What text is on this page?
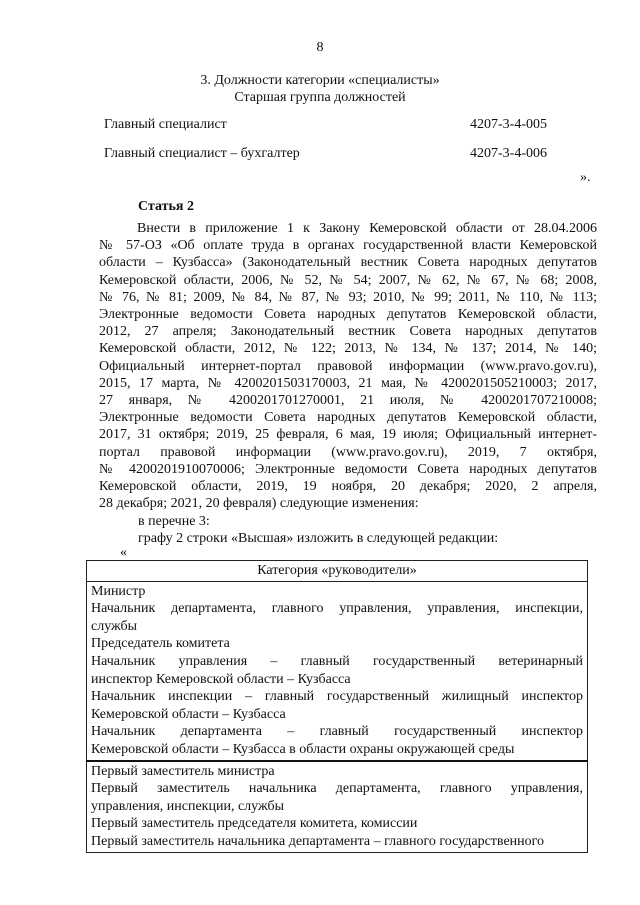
8
3. Должности категории «специалисты»
Старшая группа должностей
Главный специалист	4207-3-4-005
Главный специалист – бухгалтер	4207-3-4-006
».
Статья 2
Внести в приложение 1 к Закону Кемеровской области от 28.04.2006
№ 57-ОЗ «Об оплате труда в органах государственной власти Кемеровской
области – Кузбасса» (Законодательный вестник Совета народных депутатов
Кемеровской области, 2006, № 52, № 54; 2007, № 62, № 67, № 68; 2008,
№ 76, № 81; 2009, № 84, № 87, № 93; 2010, № 99; 2011, № 110, № 113;
Электронные ведомости Совета народных депутатов Кемеровской области,
2012, 27 апреля; Законодательный вестник Совета народных депутатов
Кемеровской области, 2012, № 122; 2013, № 134, № 137; 2014, № 140;
Официальный интернет-портал правовой информации (www.pravo.gov.ru),
2015, 17 марта, № 4200201503170003, 21 мая, № 4200201505210003; 2017,
27 января, № 4200201701270001, 21 июля, № 4200201707210008;
Электронные ведомости Совета народных депутатов Кемеровской области,
2017, 31 октября; 2019, 25 февраля, 6 мая, 19 июля; Официальный интернет-
портал правовой информации (www.pravo.gov.ru), 2019, 7 октября,
№ 4200201910070006; Электронные ведомости Совета народных депутатов
Кемеровской области, 2019, 19 ноября, 20 декабря; 2020, 2 апреля,
28 декабря; 2021, 20 февраля) следующие изменения:
в перечне 3:
графу 2 строки «Высшая» изложить в следующей редакции:
«
Категория «руководители»

Министр
Начальник департамента, главного управления, управления, инспекции,
службы
Председатель комитета
Начальник управления – главный государственный ветеринарный
инспектор Кемеровской области – Кузбасса
Начальник инспекции – главный государственный жилищный инспектор
Кемеровской области – Кузбасса
Начальник департамента – главный государственный инспектор
Кемеровской области – Кузбасса в области охраны окружающей среды

Первый заместитель министра
Первый заместитель начальника департамента, главного управления,
управления, инспекции, службы
Первый заместитель председателя комитета, комиссии
Первый заместитель начальника департамента – главного государственного
